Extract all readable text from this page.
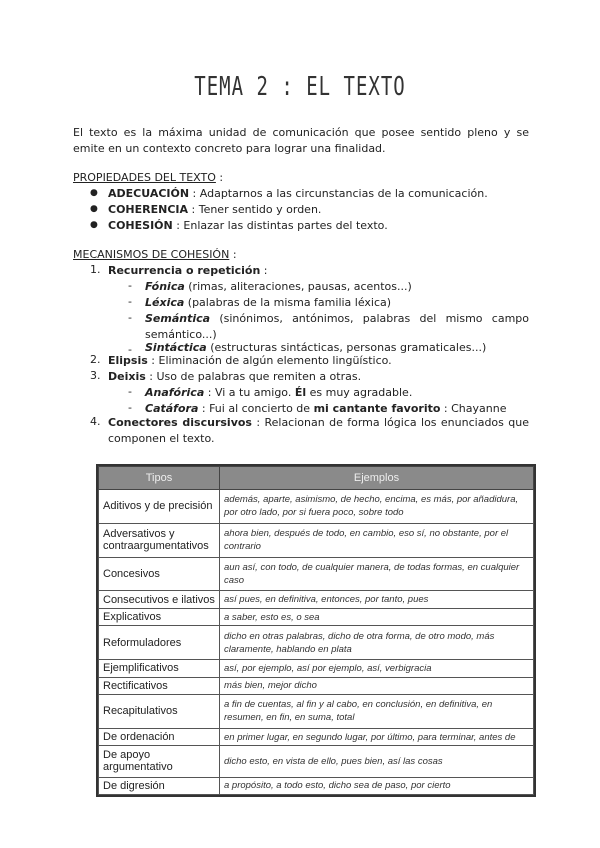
TEMA 2 : EL TEXTO
El texto es la máxima unidad de comunicación que posee sentido pleno y se emite en un contexto concreto para lograr una finalidad.
PROPIEDADES DEL TEXTO :
● ADECUACIÓN : Adaptarnos a las circunstancias de la comunicación.
● COHERENCIA : Tener sentido y orden.
● COHESIÓN : Enlazar las distintas partes del texto.
MECANISMOS DE COHESIÓN :
1. Recurrencia o repetición :
- Fónica (rimas, aliteraciones, pausas, acentos...)
- Léxica (palabras de la misma familia léxica)
- Semántica (sinónimos, antónimos, palabras del mismo campo semántico...)
- Sintáctica (estructuras sintácticas, personas gramaticales...)
2. Elipsis : Eliminación de algún elemento lingüístico.
3. Deixis : Uso de palabras que remiten a otras.
- Anafórica : Vi a tu amigo. Él es muy agradable.
- Catáfora : Fui al concierto de mi cantante favorito : Chayanne
4. Conectores discursivos : Relacionan de forma lógica los enunciados que componen el texto.
Tipos	Ejemplos
Aditivos y de precisión	además, aparte, asimismo, de hecho, encima, es más, por añadidura, por otro lado, por si fuera poco, sobre todo
Adversativos y contraargumentativos	ahora bien, después de todo, en cambio, eso sí, no obstante, por el contrario
Concesivos	aun así, con todo, de cualquier manera, de todas formas, en cualquier caso
Consecutivos e ilativos	así pues, en definitiva, entonces, por tanto, pues
Explicativos	a saber, esto es, o sea
Reformuladores	dicho en otras palabras, dicho de otra forma, de otro modo, más claramente, hablando en plata
Ejemplificativos	así, por ejemplo, así por ejemplo, así, verbigracia
Rectificativos	más bien, mejor dicho
Recapitulativos	a fin de cuentas, al fin y al cabo, en conclusión, en definitiva, en resumen, en fin, en suma, total
De ordenación	en primer lugar, en segundo lugar, por último, para terminar, antes de
De apoyo argumentativo	dicho esto, en vista de ello, pues bien, así las cosas
De digresión	a propósito, a todo esto, dicho sea de paso, por cierto
